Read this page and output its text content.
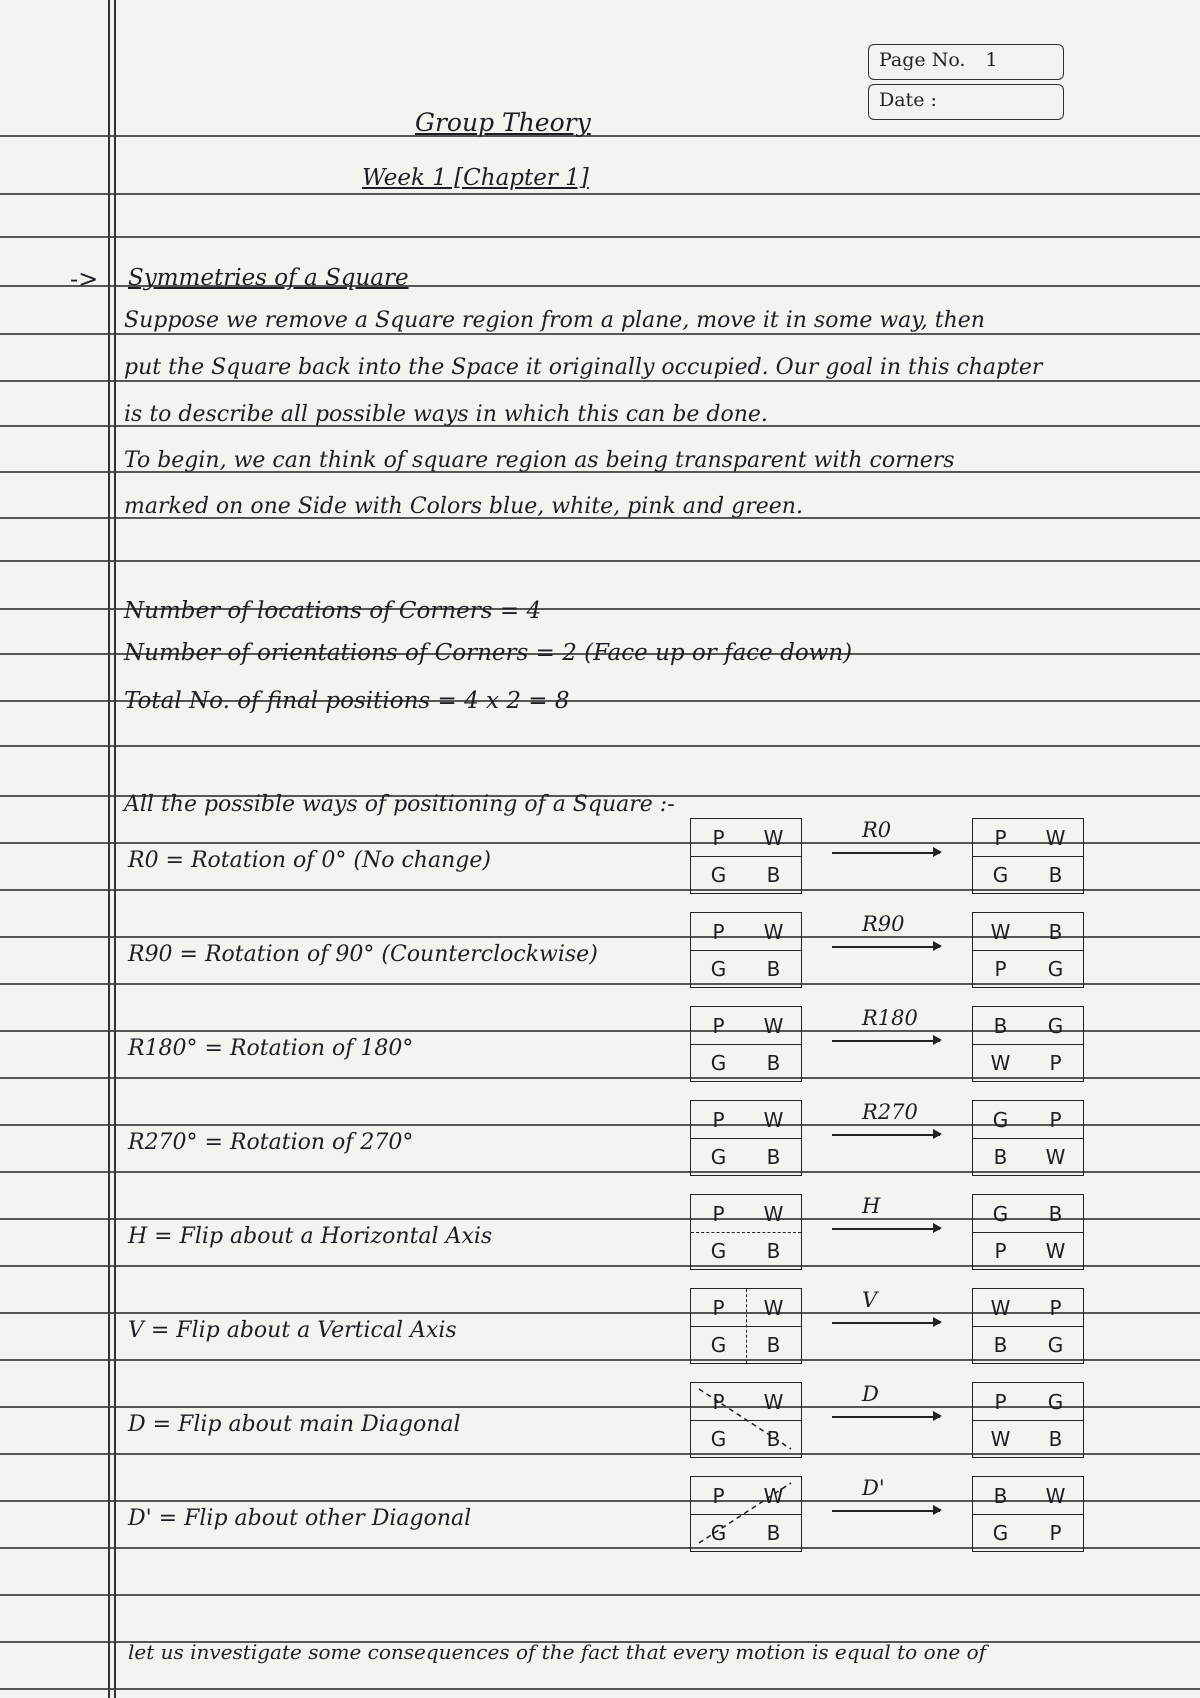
Page No. 1
Date :
Group Theory
Week 1 [Chapter 1]
-> Symmetries of a Square
Suppose we remove a Square region from a plane, move it in some way, then
put the Square back into the Space it originally occupied. Our goal in this chapter
is to describe all possible ways in which this can be done.
To begin, we can think of square region as being transparent with corners
marked on one Side with Colors blue, white, pink and green.
Number of locations of Corners = 4
Number of orientations of Corners = 2 (Face up or face down)
Total No. of final positions = 4 x 2 = 8
All the possible ways of positioning of a Square :-
R0 = Rotation of 0° (No change)
P	W
G	B
R0	P	W
G	B
R90 = Rotation of 90° (Counterclockwise)
P	W
G	B
R90	W	B
P	G
R180° = Rotation of 180°
P	W
G	B
R180	B	G
W	P
R270° = Rotation of 270°
P	W
G	B
R270	G	P
B	W
H = Flip about a Horizontal Axis
P	W
G	B
H	G	B
P	W
V = Flip about a Vertical Axis
P	W
G	B
V	W	P
B	G
D = Flip about main Diagonal
P	W
G	B
D	P	G
W	B
D' = Flip about other Diagonal
P	W
G	B
D'	B	W
G	P
let us investigate some consequences of the fact that every motion is equal to one of
